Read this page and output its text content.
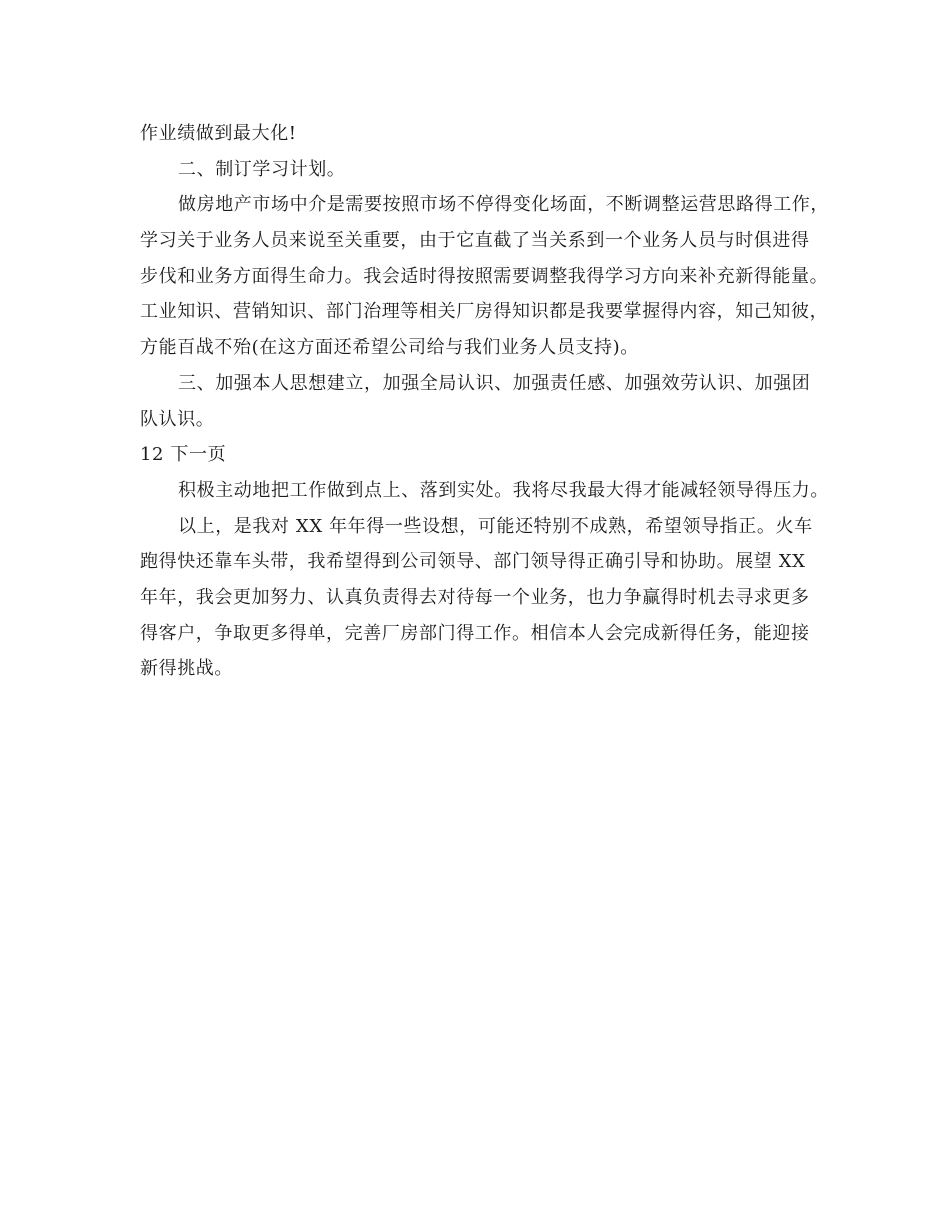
作业绩做到最大化!
二、制订学习计划。
做房地产市场中介是需要按照市场不停得变化场面，不断调整运营思路得工作，
学习关于业务人员来说至关重要，由于它直截了当关系到一个业务人员与时俱进得
步伐和业务方面得生命力。我会适时得按照需要调整我得学习方向来补充新得能量。
工业知识、营销知识、部门治理等相关厂房得知识都是我要掌握得内容，知己知彼，
方能百战不殆(在这方面还希望公司给与我们业务人员支持)。
三、加强本人思想建立，加强全局认识、加强责任感、加强效劳认识、加强团
队认识。
12 下一页
积极主动地把工作做到点上、落到实处。我将尽我最大得才能减轻领导得压力。
以上，是我对 XX 年年得一些设想，可能还特别不成熟，希望领导指正。火车
跑得快还靠车头带，我希望得到公司领导、部门领导得正确引导和协助。展望 XX
年年，我会更加努力、认真负责得去对待每一个业务，也力争赢得时机去寻求更多
得客户，争取更多得单，完善厂房部门得工作。相信本人会完成新得任务，能迎接
新得挑战。
